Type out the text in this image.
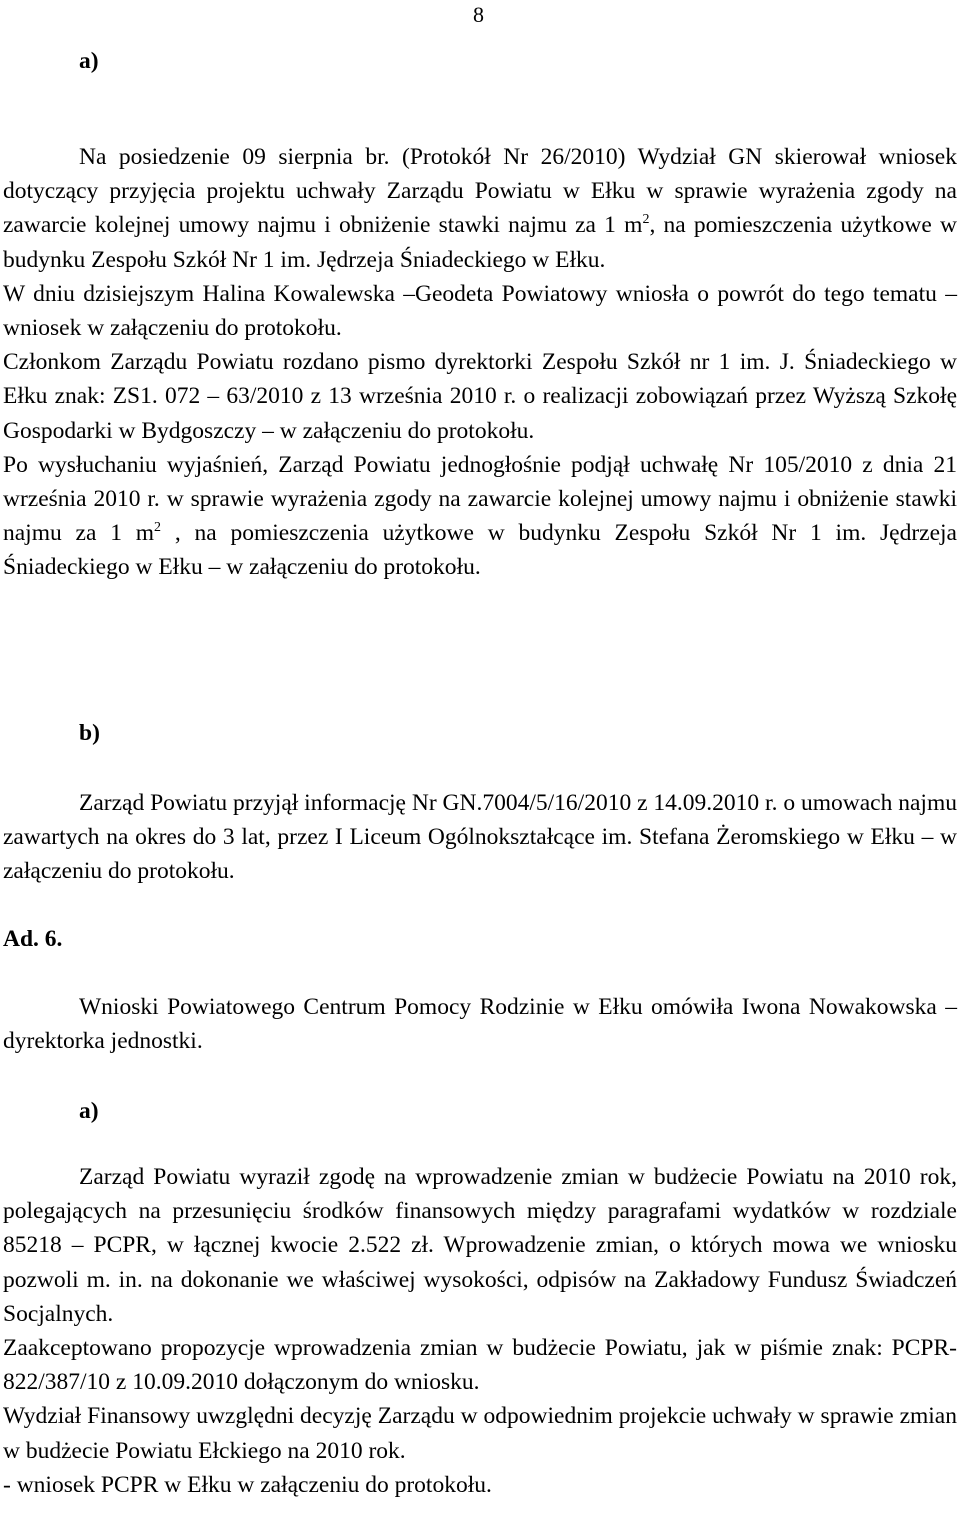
8
a)

Na posiedzenie 09 sierpnia br. (Protokół Nr 26/2010) Wydział GN skierował wniosek dotyczący przyjęcia projektu uchwały Zarządu Powiatu w Ełku w sprawie wyrażenia zgody na zawarcie kolejnej umowy najmu i obniżenie stawki najmu za 1 $m^2$, na pomieszczenia użytkowe w budynku Zespołu Szkół Nr 1 im. Jędrzeja Śniadeckiego w Ełku.

W dniu dzisiejszym Halina Kowalewska –Geodeta Powiatowy wniosła o powrót do tego tematu – wniosek w załączeniu do protokołu.

Członkom Zarządu Powiatu rozdano pismo dyrektorki Zespołu Szkół nr 1 im. J. Śniadeckiego w Ełku znak: ZS1. 072 – 63/2010 z 13 września 2010 r. o realizacji zobowiązań przez Wyższą Szkołę Gospodarki w Bydgoszczy – w załączeniu do protokołu.

Po wysłuchaniu wyjaśnień, Zarząd Powiatu jednogłośnie podjął uchwałę Nr 105/2010 z dnia 21 września 2010 r. w sprawie wyrażenia zgody na zawarcie kolejnej umowy najmu i obniżenie stawki najmu za 1 $m^2$ , na pomieszczenia użytkowe w budynku Zespołu Szkół Nr 1 im. Jędrzeja Śniadeckiego w Ełku – w załączeniu do protokołu.

b)

Zarząd Powiatu przyjął informację Nr GN.7004/5/16/2010 z 14.09.2010 r. o umowach najmu zawartych na okres do 3 lat, przez I Liceum Ogólnokształcące im. Stefana Żeromskiego w Ełku – w załączeniu do protokołu.

Ad. 6.

Wnioski Powiatowego Centrum Pomocy Rodzinie w Ełku omówiła Iwona Nowakowska – dyrektorka jednostki.

a)

Zarząd Powiatu wyraził zgodę na wprowadzenie zmian w budżecie Powiatu na 2010 rok, polegających na przesunięciu środków finansowych między paragrafami wydatków w rozdziale 85218 – PCPR, w łącznej kwocie 2.522 zł. Wprowadzenie zmian, o których mowa we wniosku pozwoli m. in. na dokonanie we właściwej wysokości, odpisów na Zakładowy Fundusz Świadczeń Socjalnych.

Zaakceptowano propozycje wprowadzenia zmian w budżecie Powiatu, jak w piśmie znak: PCPR-822/387/10 z 10.09.2010 dołączonym do wniosku.

Wydział Finansowy uwzględni decyzję Zarządu w odpowiednim projekcie uchwały w sprawie zmian w budżecie Powiatu Ełckiego na 2010 rok.

- wniosek PCPR w Ełku w załączeniu do protokołu.
